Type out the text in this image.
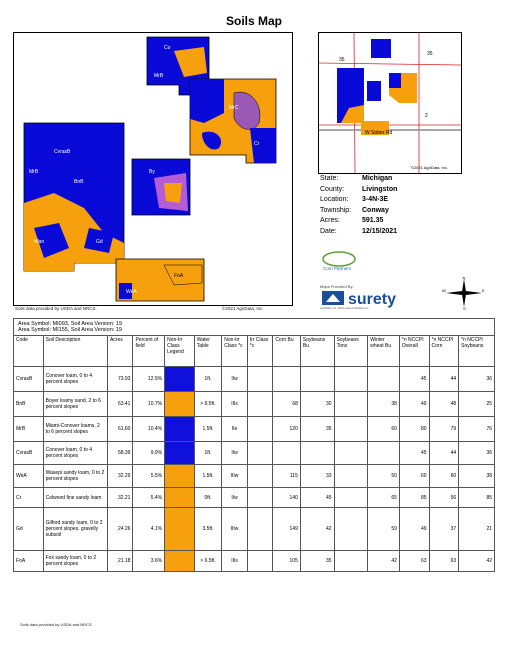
Soils Map
Co
MrB
CvrasB
MrB
BnB
Wan	Gd
By
MrC
Cr
WeA
FoA
Soils data provided by USDA and NRCS.	©2021 AgriData, Inc.
35
35
2
W Sober Rd
©2021 AgriData, Inc.
State:	Michigan
County:	Livingston
Location:	3-4N-3E
Township:	Conway
Acres:	591.35
Date:	12/15/2021
Corn Partners
Maps Provided By:
surety
AgriData, Inc. 2021 www.AgriData.com
N
S
E
W
Area Symbol: MI093, Soil Area Version: 19
Area Symbol: MI155, Soil Area Version: 19														

Code	Soil Description	Acres	Percent of field	Non-Irr Class Legend	Water Table	Non-Irr Class *c	Irr Class *c	Corn Bu	Soybeans Bu	Soybeans Tons	Winter wheat Bu	*n NCCPI Overall	*n NCCPI Corn	*n NCCPI Soybeans
CvrasB	Conover loam, 0 to 4 percent slopes	73.93	12.5%		1ft.	IIw						45	44	36
BnB	Boyer loamy sand, 2 to 6 percent slopes	63.41	10.7%		> 6.5ft.	IIIs		68	30		38	49	48	25
MrB	Miami-Conover loams, 2 to 6 percent slopes	61.60	10.4%		1.5ft.	IIe		120	35		60	80	79	76
CvrasB	Conover loam, 0 to 4 percent slopes	58.39	9.9%		1ft.	IIw						45	44	36
WeA	Wasepi sandy loam, 0 to 2 percent slopes	32.29	5.5%		1.5ft.	IIIw		115	33		50	60	60	38
Cr	Colwood fine sandy loam	32.21	5.4%		0ft.	IIw		140	45		65	85	56	85
Gd	Gilford sandy loam, 0 to 2 percent slopes, gravelly subsoil	24.26	4.1%		3.5ft.	IIIw		149	42		59	49	37	21
FoA	Fox sandy loam, 0 to 2 percent slopes	21.18	3.6%		> 6.5ft.	IIIs		105	35		42	63	63	42
Soils data provided by USDA and NRCS.
